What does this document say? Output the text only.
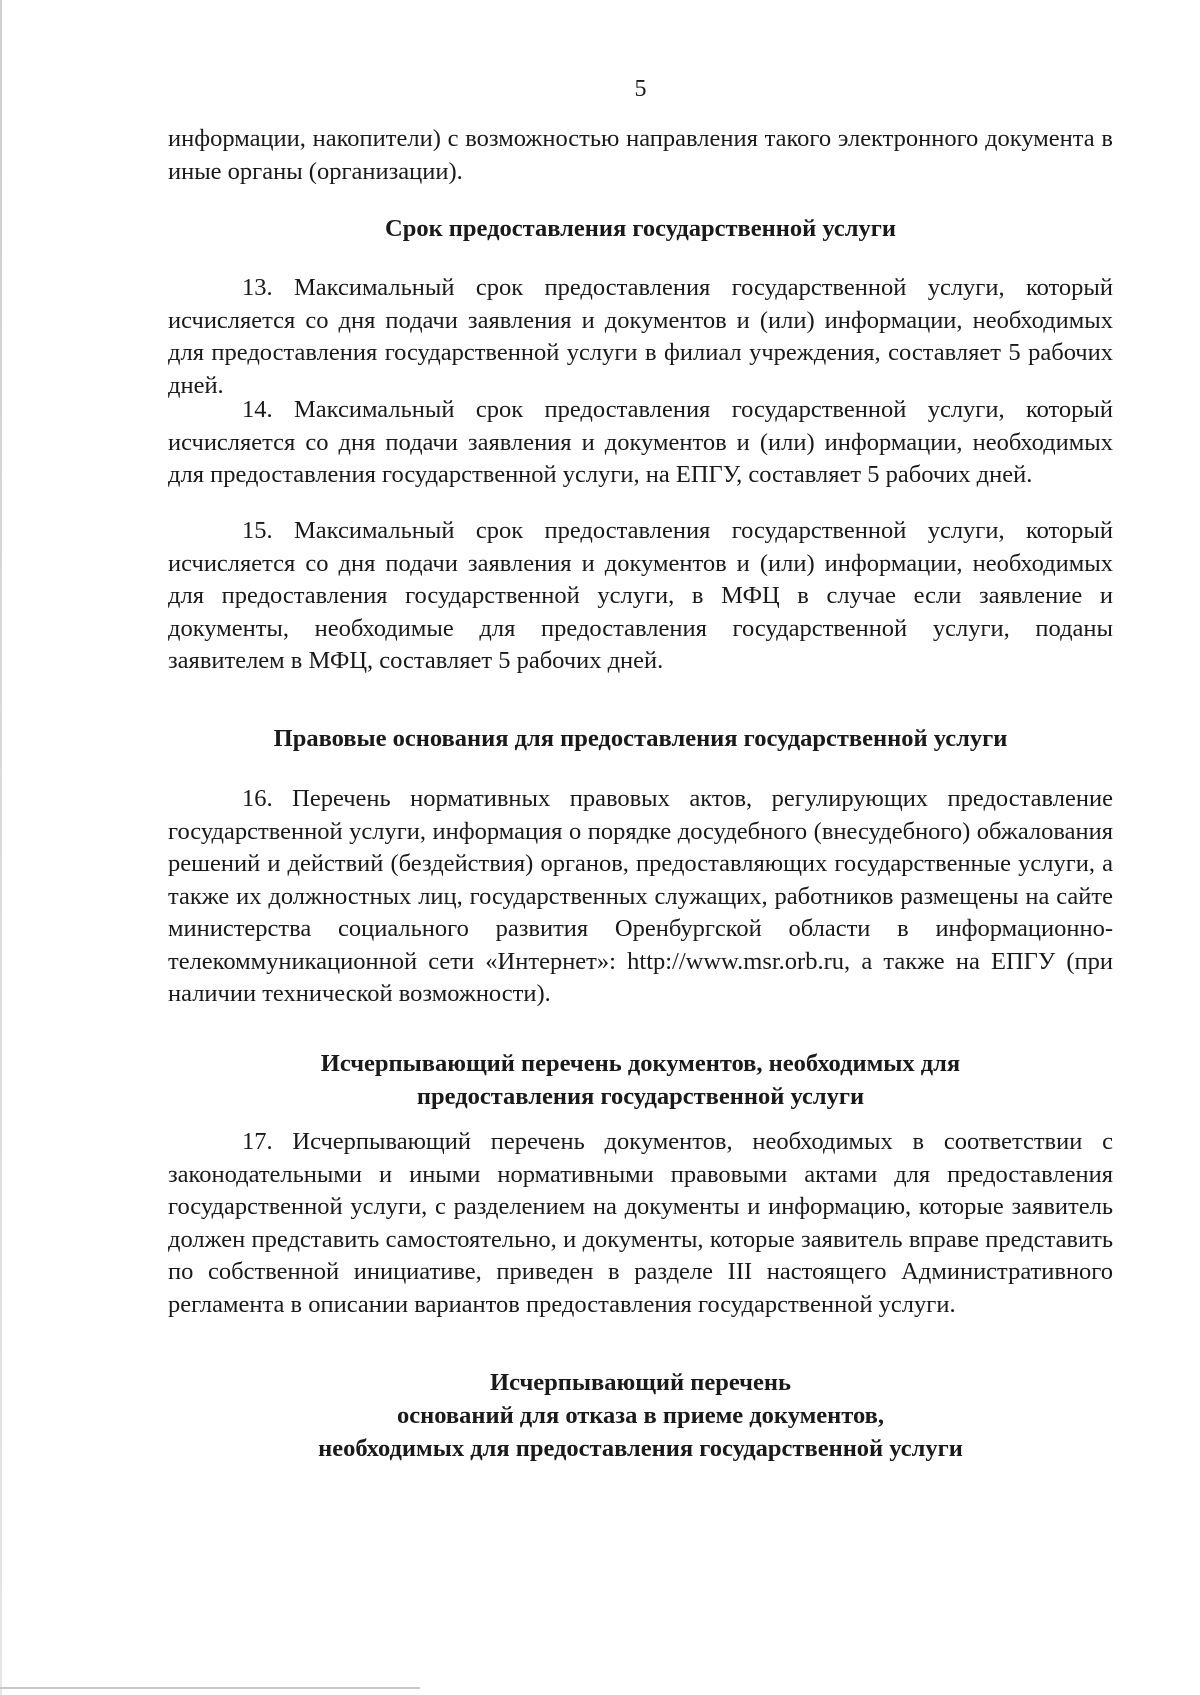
5

информации, накопители) с возможностью направления такого электронного документа в иные органы (организации).

Срок предоставления государственной услуги

13. Максимальный срок предоставления государственной услуги, который исчисляется со дня подачи заявления и документов и (или) информации, необходимых для предоставления государственной услуги в филиал учреждения, составляет 5 рабочих дней.

14. Максимальный срок предоставления государственной услуги, который исчисляется со дня подачи заявления и документов и (или) информации, необходимых для предоставления государственной услуги, на ЕПГУ, составляет 5 рабочих дней.

15. Максимальный срок предоставления государственной услуги, который исчисляется со дня подачи заявления и документов и (или) информации, необходимых для предоставления государственной услуги, в МФЦ в случае если заявление и документы, необходимые для предоставления государственной услуги, поданы заявителем в МФЦ, составляет 5 рабочих дней.

Правовые основания для предоставления государственной услуги

16. Перечень нормативных правовых актов, регулирующих предоставление государственной услуги, информация о порядке досудебного (внесудебного) обжалования решений и действий (бездействия) органов, предоставляющих государственные услуги, а также их должностных лиц, государственных служащих, работников размещены на сайте министерства социального развития Оренбургской области в информационно-телекоммуникационной сети «Интернет»: http://www.msr.orb.ru, а также на ЕПГУ (при наличии технической возможности).

Исчерпывающий перечень документов, необходимых для
предоставления государственной услуги

17. Исчерпывающий перечень документов, необходимых в соответствии с законодательными и иными нормативными правовыми актами для предоставления государственной услуги, с разделением на документы и информацию, которые заявитель должен представить самостоятельно, и документы, которые заявитель вправе представить по собственной инициативе, приведен в разделе III настоящего Административного регламента в описании вариантов предоставления государственной услуги.

Исчерпывающий перечень
оснований для отказа в приеме документов,
необходимых для предоставления государственной услуги
